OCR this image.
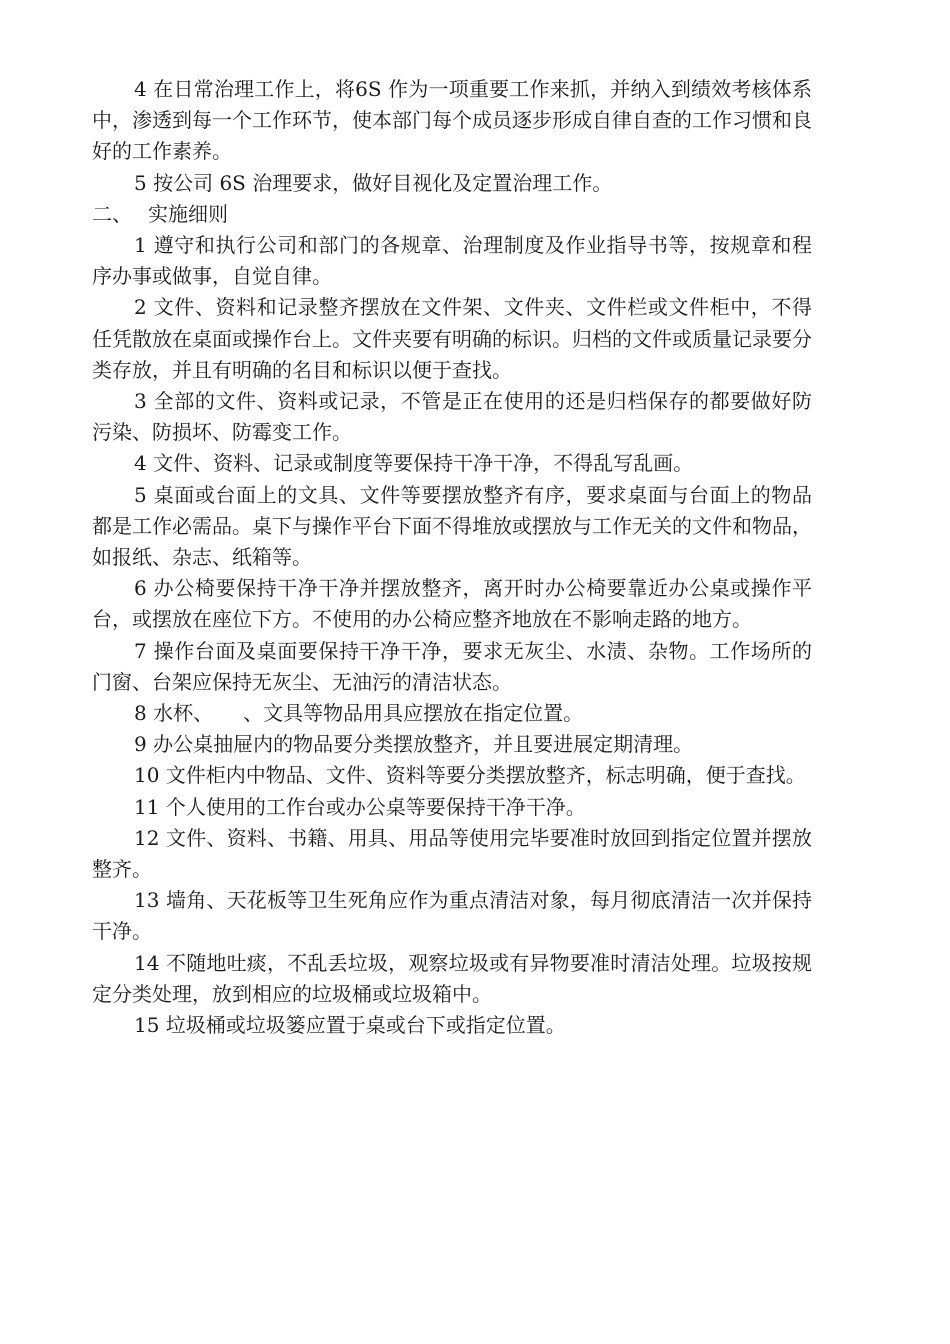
4 在日常治理工作上，将6S 作为一项重要工作来抓，并纳入到绩效考核体系中，渗透到每一个工作环节，使本部门每个成员逐步形成自律自查的工作习惯和良好的工作素养。

5 按公司 6S 治理要求，做好目视化及定置治理工作。

二、 实施细则

1 遵守和执行公司和部门的各规章、治理制度及作业指导书等，按规章和程序办事或做事，自觉自律。

2 文件、资料和记录整齐摆放在文件架、文件夹、文件栏或文件柜中，不得任凭散放在桌面或操作台上。文件夹要有明确的标识。归档的文件或质量记录要分类存放，并且有明确的名目和标识以便于查找。

3 全部的文件、资料或记录，不管是正在使用的还是归档保存的都要做好防污染、防损坏、防霉变工作。

4 文件、资料、记录或制度等要保持干净干净，不得乱写乱画。

5 桌面或台面上的文具、文件等要摆放整齐有序，要求桌面与台面上的物品都是工作必需品。桌下与操作平台下面不得堆放或摆放与工作无关的文件和物品，如报纸、杂志、纸箱等。

6 办公椅要保持干净干净并摆放整齐，离开时办公椅要靠近办公桌或操作平台，或摆放在座位下方。不使用的办公椅应整齐地放在不影响走路的地方。

7 操作台面及桌面要保持干净干净，要求无灰尘、水渍、杂物。工作场所的门窗、台架应保持无灰尘、无油污的清洁状态。

8 水杯、　　、文具等物品用具应摆放在指定位置。

9 办公桌抽屉内的物品要分类摆放整齐，并且要进展定期清理。

10 文件柜内中物品、文件、资料等要分类摆放整齐，标志明确，便于查找。

11 个人使用的工作台或办公桌等要保持干净干净。

12 文件、资料、书籍、用具、用品等使用完毕要准时放回到指定位置并摆放整齐。

13 墙角、天花板等卫生死角应作为重点清洁对象，每月彻底清洁一次并保持干净。

14 不随地吐痰，不乱丢垃圾，观察垃圾或有异物要准时清洁处理。垃圾按规定分类处理，放到相应的垃圾桶或垃圾箱中。

15 垃圾桶或垃圾篓应置于桌或台下或指定位置。
